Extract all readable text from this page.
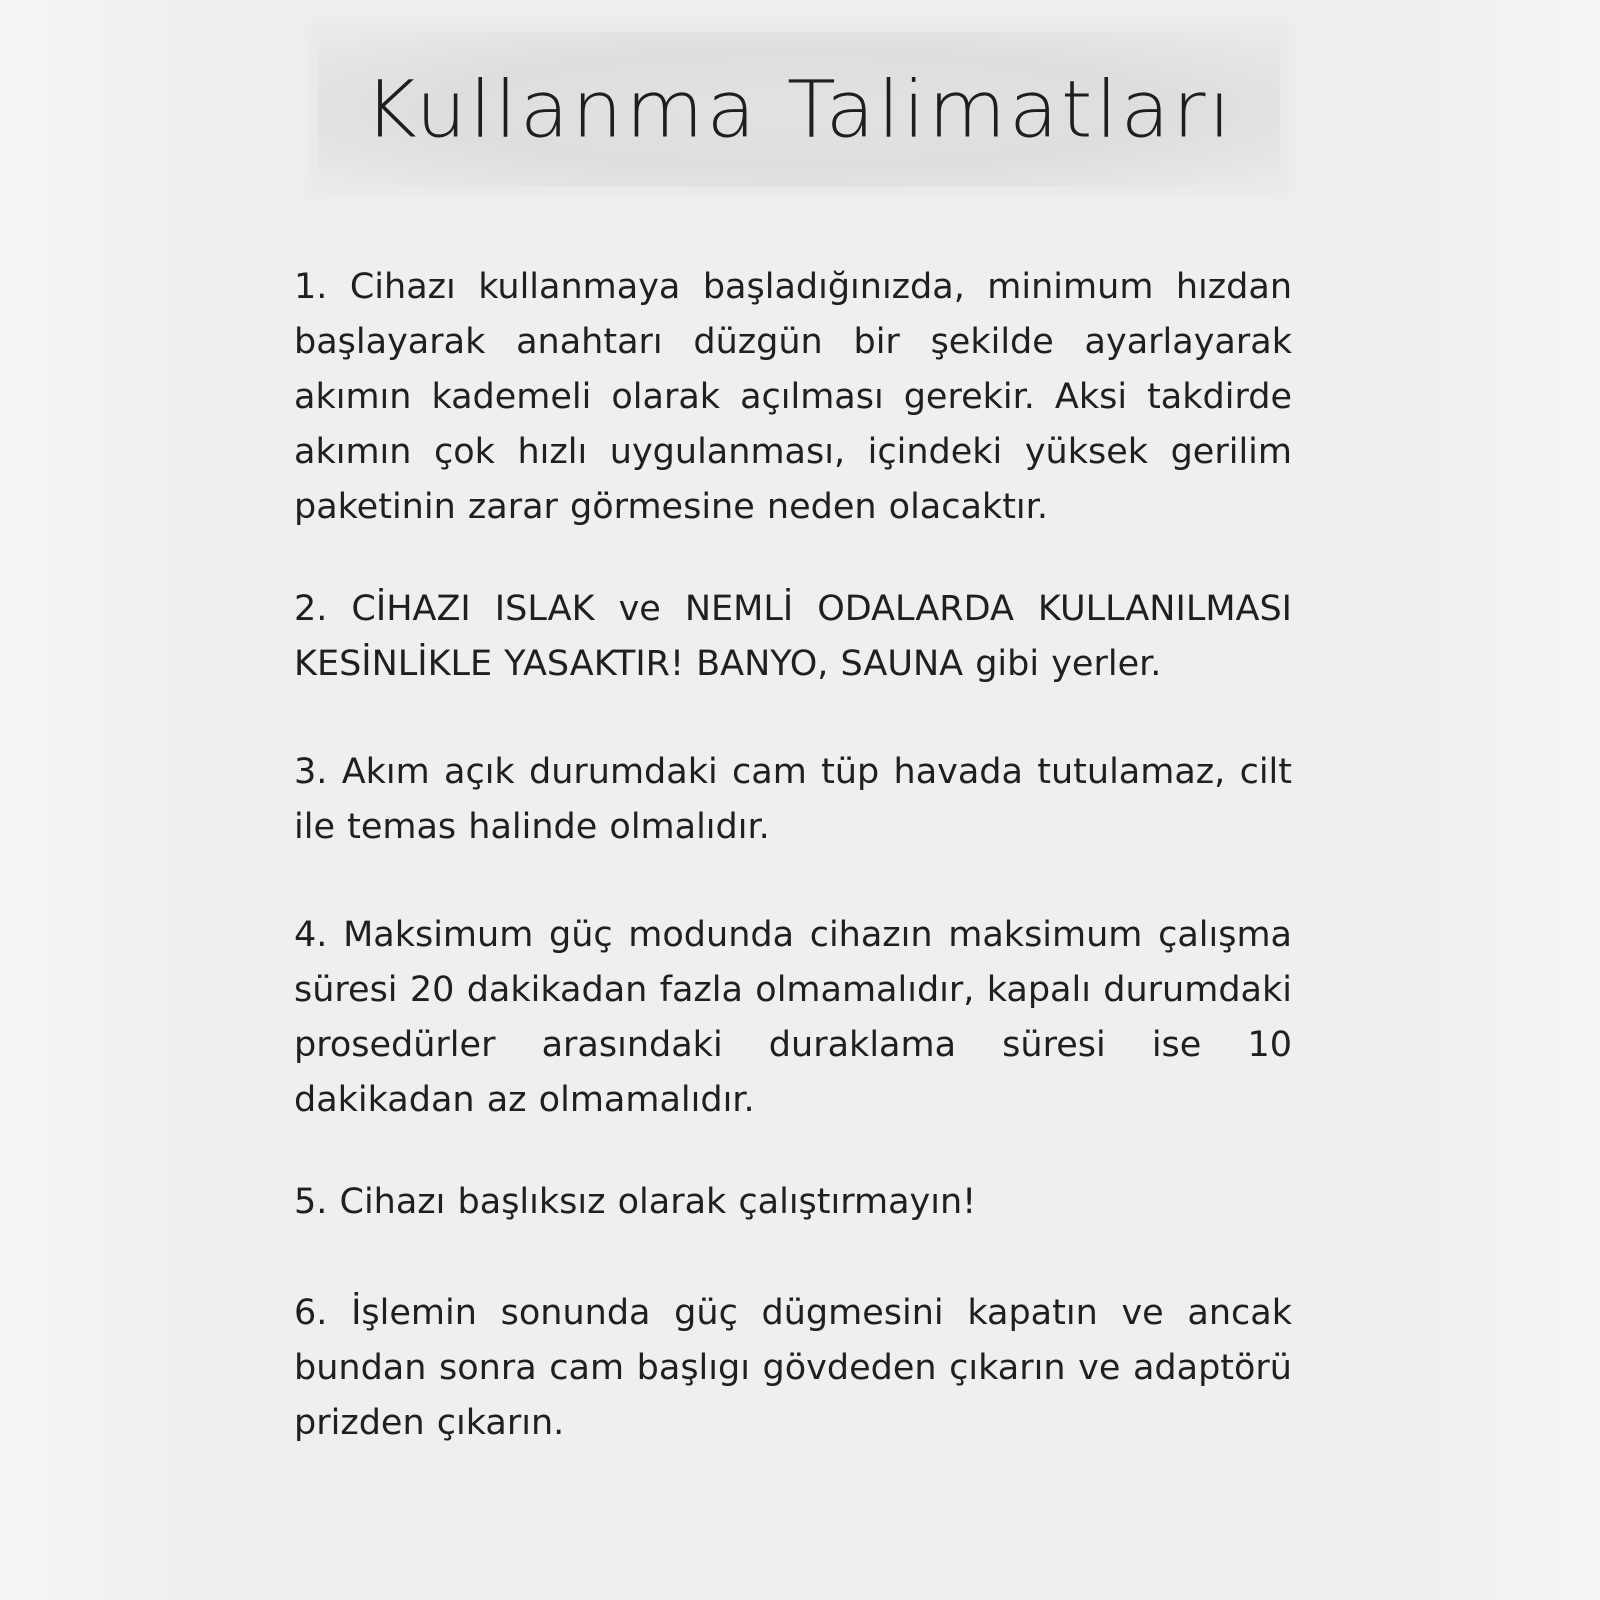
Kullanma Talimatları

1. Cihazı kullanmaya başladığınızda, minimum hızdan başlayarak anahtarı düzgün bir şekilde ayarlayarak akımın kademeli olarak açılması gerekir. Aksi takdirde akımın çok hızlı uygulanması, içindeki yüksek gerilim paketinin zarar görmesine neden olacaktır.

2. CİHAZI ISLAK ve NEMLİ ODALARDA KULLANILMASI KESİNLİKLE YASAKTIR! BANYO, SAUNA gibi yerler.

3. Akım açık durumdaki cam tüp havada tutulamaz, cilt ile temas halinde olmalıdır.

4. Maksimum güç modunda cihazın maksimum çalışma süresi 20 dakikadan fazla olmamalıdır, kapalı durumdaki prosedürler arasındaki duraklama süresi ise 10 dakikadan az olmamalıdır.

5. Cihazı başlıksız olarak çalıştırmayın!

6. İşlemin sonunda güç dügmesini kapatın ve ancak bundan sonra cam başlıgı gövdeden çıkarın ve adaptörü prizden çıkarın.
